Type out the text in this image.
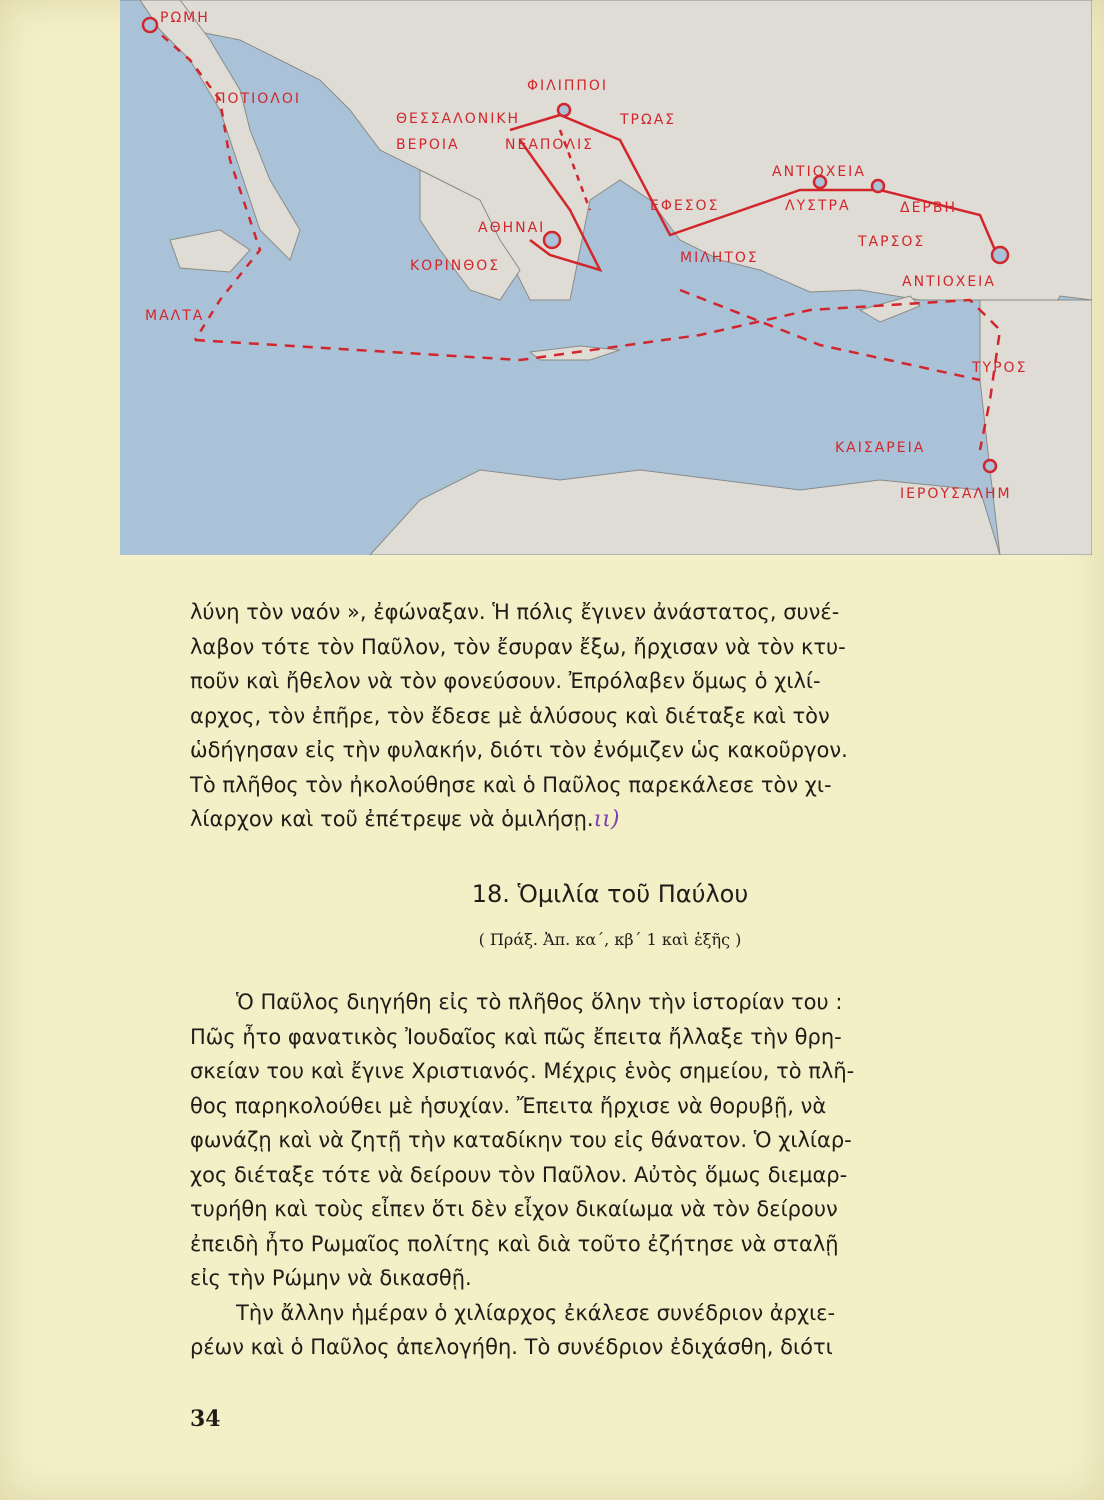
ΡΩΜΗ
ΠΟΤΙΟΛΟΙ
ΦΙΛΙΠΠΟΙ
ΘΕΣΣΑΛΟΝΙΚΗ
ΒΕΡΟΙΑ	ΝΕΑΠΟΛΙΣ
ΤΡΩΑΣ
ΑΝΤΙΟΧΕΙΑ
ΕΦΕΣΟΣ	ΛΥΣΤΡΑ	ΔΕΡΒΗ
ΑΘΗΝΑΙ
ΚΟΡΙΝΘΟΣ	ΜΙΛΗΤΟΣ
ΤΑΡΣΟΣ
ΑΝΤΙΟΧΕΙΑ
ΜΑΛΤΑ
ΤΥΡΟΣ
ΚΑΙΣΑΡΕΙΑ
ΙΕΡΟΥΣΑΛΗΜ
λύνη τὸν ναόν », ἐφώναξαν. Ἡ πόλις ἔγινεν ἀνάστατος, συνέ-
λαβον τότε τὸν Παῦλον, τὸν ἔσυραν ἔξω, ἤρχισαν νὰ τὸν κτυ-
ποῦν καὶ ἤθελον νὰ τὸν φονεύσουν. Ἐπρόλαβεν ὅμως ὁ χιλί-
αρχος, τὸν ἐπῆρε, τὸν ἔδεσε μὲ ἁλύσους καὶ διέταξε καὶ τὸν
ὡδήγησαν εἰς τὴν φυλακήν, διότι τὸν ἐνόμιζεν ὡς κακοῦργον.
Τὸ πλῆθος τὸν ἠκολούθησε καὶ ὁ Παῦλος παρεκάλεσε τὸν χι-
λίαρχον καὶ τοῦ ἐπέτρεψε νὰ ὁμιλήσῃ.ιι)
18. Ὁμιλία τοῦ Παύλου
( Πράξ. Ἀπ. κα΄, κβ΄ 1 καὶ ἑξῆς )
Ὁ Παῦλος διηγήθη εἰς τὸ πλῆθος ὅλην τὴν ἱστορίαν του :
Πῶς ἦτο φανατικὸς Ἰουδαῖος καὶ πῶς ἔπειτα ἤλλαξε τὴν θρη-
σκείαν του καὶ ἔγινε Χριστιανός. Μέχρις ἑνὸς σημείου, τὸ πλῆ-
θος παρηκολούθει μὲ ἡσυχίαν. Ἔπειτα ἤρχισε νὰ θορυβῇ, νὰ
φωνάζῃ καὶ νὰ ζητῇ τὴν καταδίκην του εἰς θάνατον. Ὁ χιλίαρ-
χος διέταξε τότε νὰ δείρουν τὸν Παῦλον. Αὐτὸς ὅμως διεμαρ-
τυρήθη καὶ τοὺς εἶπεν ὅτι δὲν εἶχον δικαίωμα νὰ τὸν δείρουν
ἐπειδὴ ἦτο Ρωμαῖος πολίτης καὶ διὰ τοῦτο ἐζήτησε νὰ σταλῇ
εἰς τὴν Ρώμην νὰ δικασθῇ.
Τὴν ἄλλην ἡμέραν ὁ χιλίαρχος ἐκάλεσε συνέδριον ἀρχιε-
ρέων καὶ ὁ Παῦλος ἀπελογήθη. Τὸ συνέδριον ἐδιχάσθη, διότι
34
